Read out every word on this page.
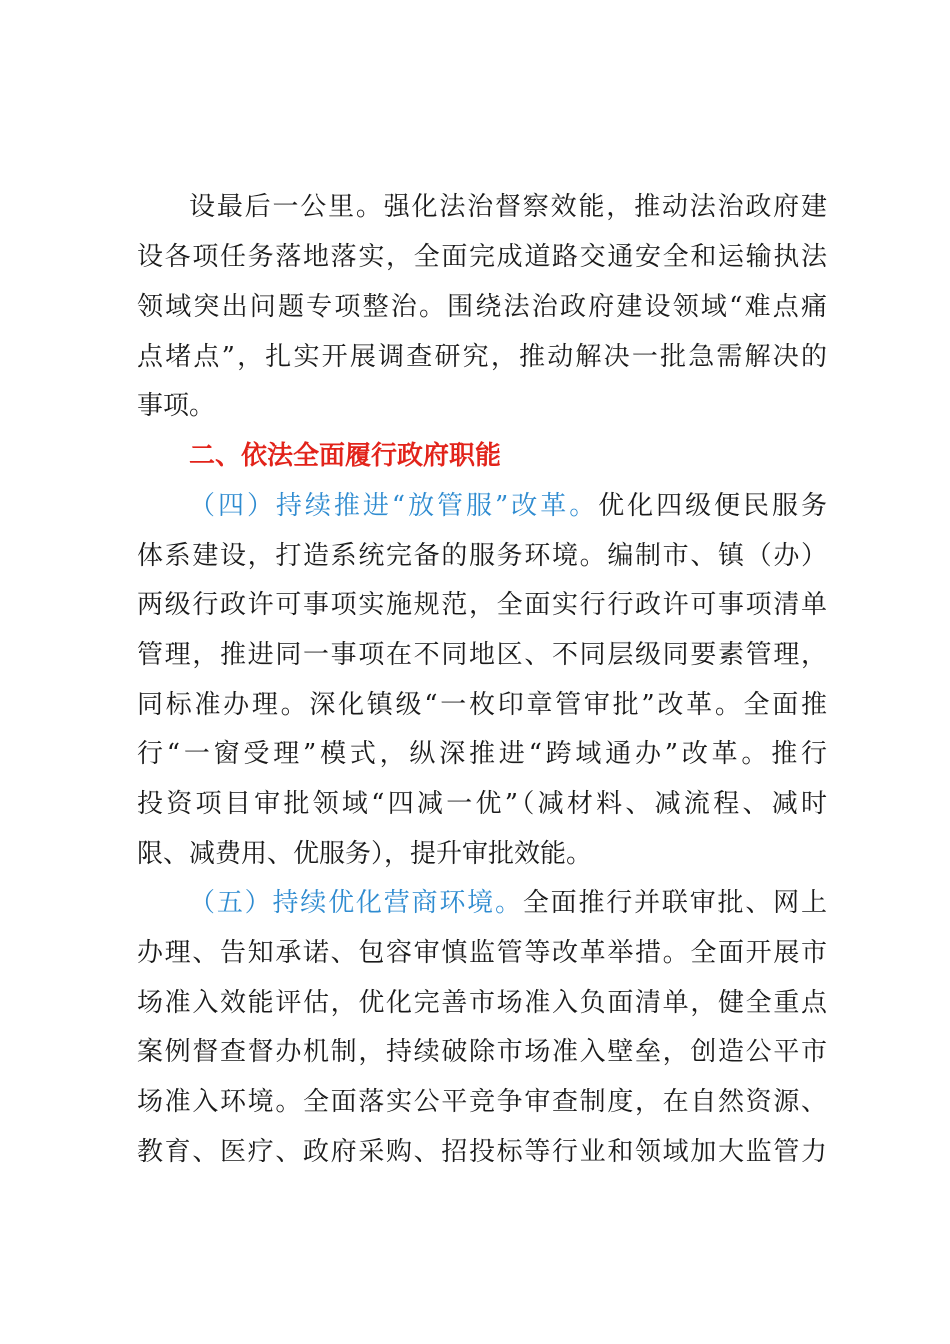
设最后一公里。强化法治督察效能，推动法治政府建
设各项任务落地落实，全面完成道路交通安全和运输执法
领域突出问题专项整治。围绕法治政府建设领域“难点痛
点堵点”，扎实开展调查研究，推动解决一批急需解决的
事项。
二、依法全面履行政府职能
（四）持续推进“放管服”改革。优化四级便民服务
体系建设，打造系统完备的服务环境。编制市、镇（办）
两级行政许可事项实施规范，全面实行行政许可事项清单
管理，推进同一事项在不同地区、不同层级同要素管理，
同标准办理。深化镇级“一枚印章管审批”改革。全面推
行“一窗受理”模式，纵深推进“跨域通办”改革。推行
投资项目审批领域“四减一优”（减材料、减流程、减时
限、减费用、优服务），提升审批效能。
（五）持续优化营商环境。全面推行并联审批、网上
办理、告知承诺、包容审慎监管等改革举措。全面开展市
场准入效能评估，优化完善市场准入负面清单，健全重点
案例督查督办机制，持续破除市场准入壁垒，创造公平市
场准入环境。全面落实公平竞争审查制度，在自然资源、
教育、医疗、政府采购、招投标等行业和领域加大监管力
